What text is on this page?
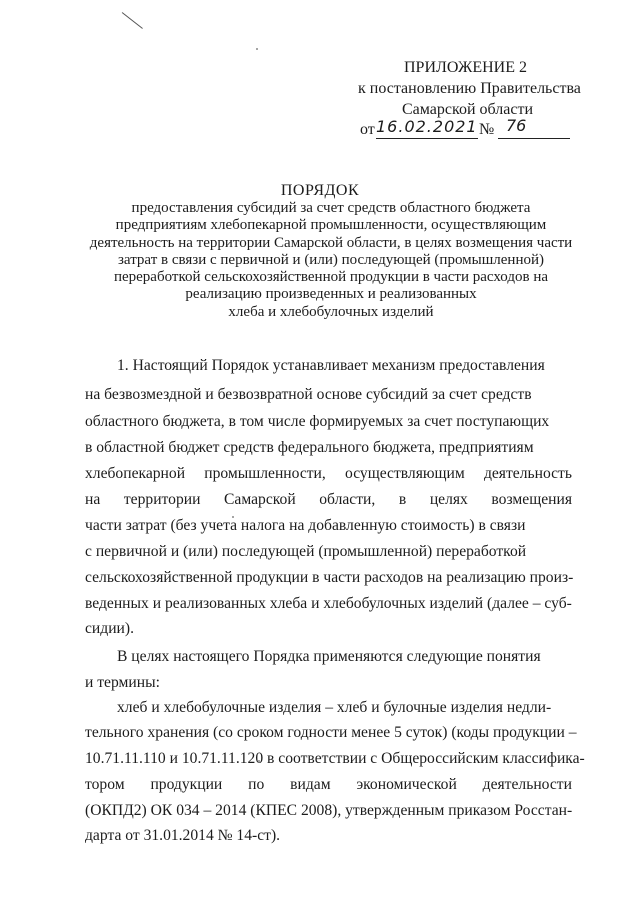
ПРИЛОЖЕНИЕ 2
к постановлению Правительства
Самарской области
от 16.02.2021 № 76
ПОРЯДОК
предоставления субсидий за счет средств областного бюджета
предприятиям хлебопекарной промышленности, осуществляющим
деятельность на территории Самарской области, в целях возмещения части
затрат в связи с первичной и (или) последующей (промышленной)
переработкой сельскохозяйственной продукции в части расходов на
реализацию произведенных и реализованных
хлеба и хлебобулочных изделий
1. Настоящий Порядок устанавливает механизм предоставления
на безвозмездной и безвозвратной основе субсидий за счет средств
областного бюджета, в том числе формируемых за счет поступающих
в областной бюджет средств федерального бюджета, предприятиям
хлебопекарной промышленности, осуществляющим деятельность
на территории Самарской области, в целях возмещения
части затрат (без учета налога на добавленную стоимость) в связи
с первичной и (или) последующей (промышленной) переработкой
сельскохозяйственной продукции в части расходов на реализацию произ-
веденных и реализованных хлеба и хлебобулочных изделий (далее – суб-
сидии).
В целях настоящего Порядка применяются следующие понятия
и термины:
хлеб и хлебобулочные изделия – хлеб и булочные изделия недли-
тельного хранения (со сроком годности менее 5 суток) (коды продукции –
10.71.11.110 и 10.71.11.120 в соответствии с Общероссийским классифика-
тором продукции по видам экономической деятельности
(ОКПД2) ОК 034 – 2014 (КПЕС 2008), утвержденным приказом Росстан-
дарта от 31.01.2014 № 14-ст).
